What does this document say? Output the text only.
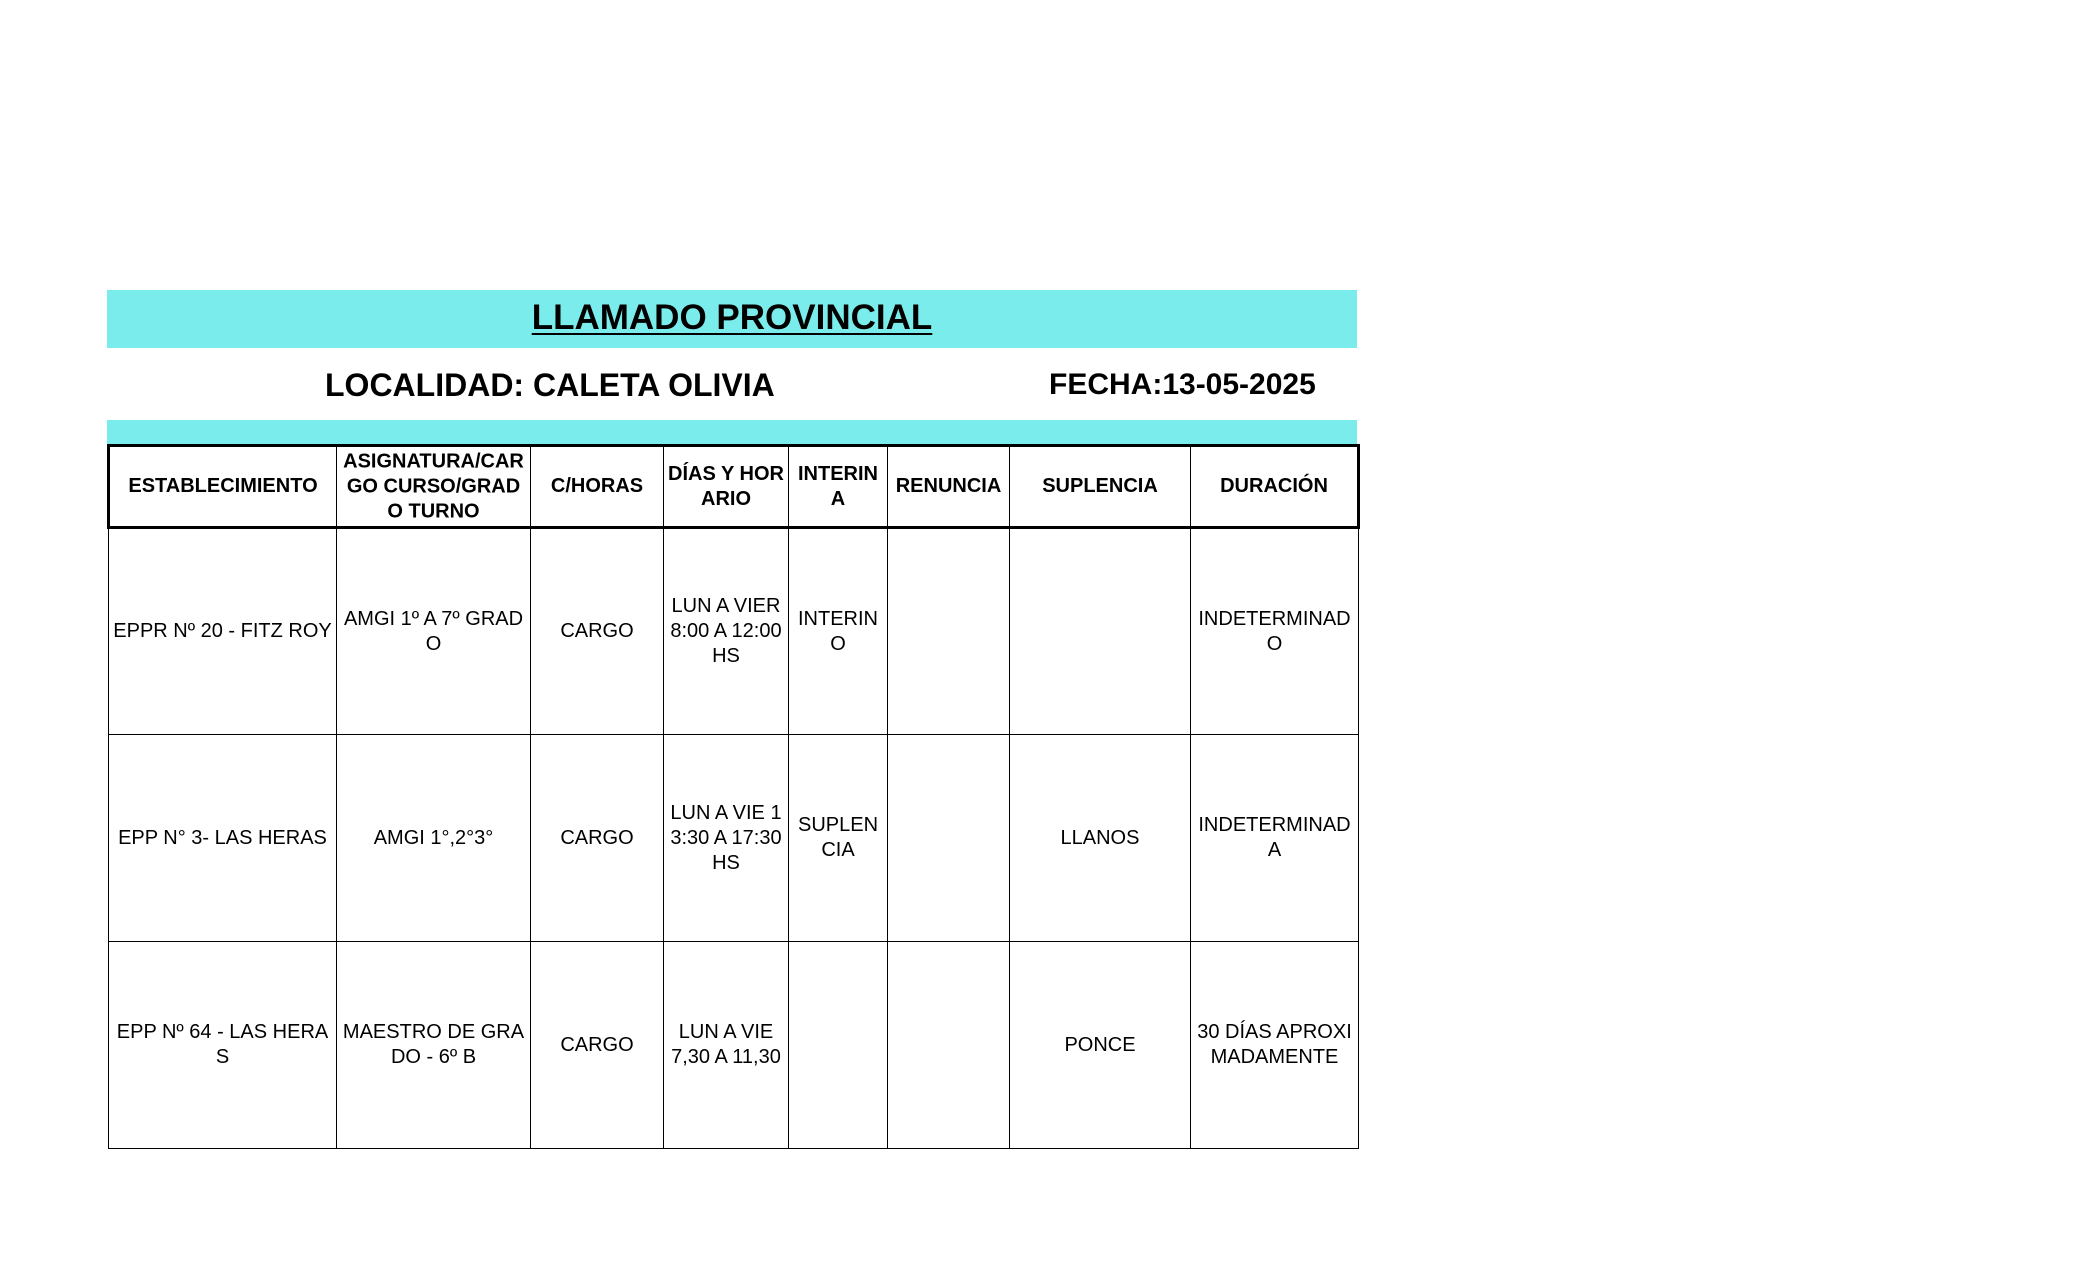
LLAMADO PROVINCIAL
LOCALIDAD: CALETA OLIVIA	FECHA:13-05-2025
ESTABLECIMIENTO	ASIGNATURA/CARGO CURSO/GRADO TURNO	C/HORAS	DÍAS Y HORARIO	INTERINA	RENUNCIA	SUPLENCIA	DURACIÓN
EPPR Nº 20 - FITZ ROY	AMGI 1º A 7º GRADO	CARGO	LUN A VIER 8:00 A 12:00 HS	INTERINO			INDETERMINADO
EPP N° 3- LAS HERAS	AMGI 1°,2°3°	CARGO	LUN A VIE 13:30 A 17:30 HS	SUPLENCIA		LLANOS	INDETERMINADA
EPP Nº 64 - LAS HERAS	MAESTRO DE GRADO - 6º B	CARGO	LUN A VIE 7,30 A 11,30			PONCE	30 DÍAS APROXIMADAMENTE
